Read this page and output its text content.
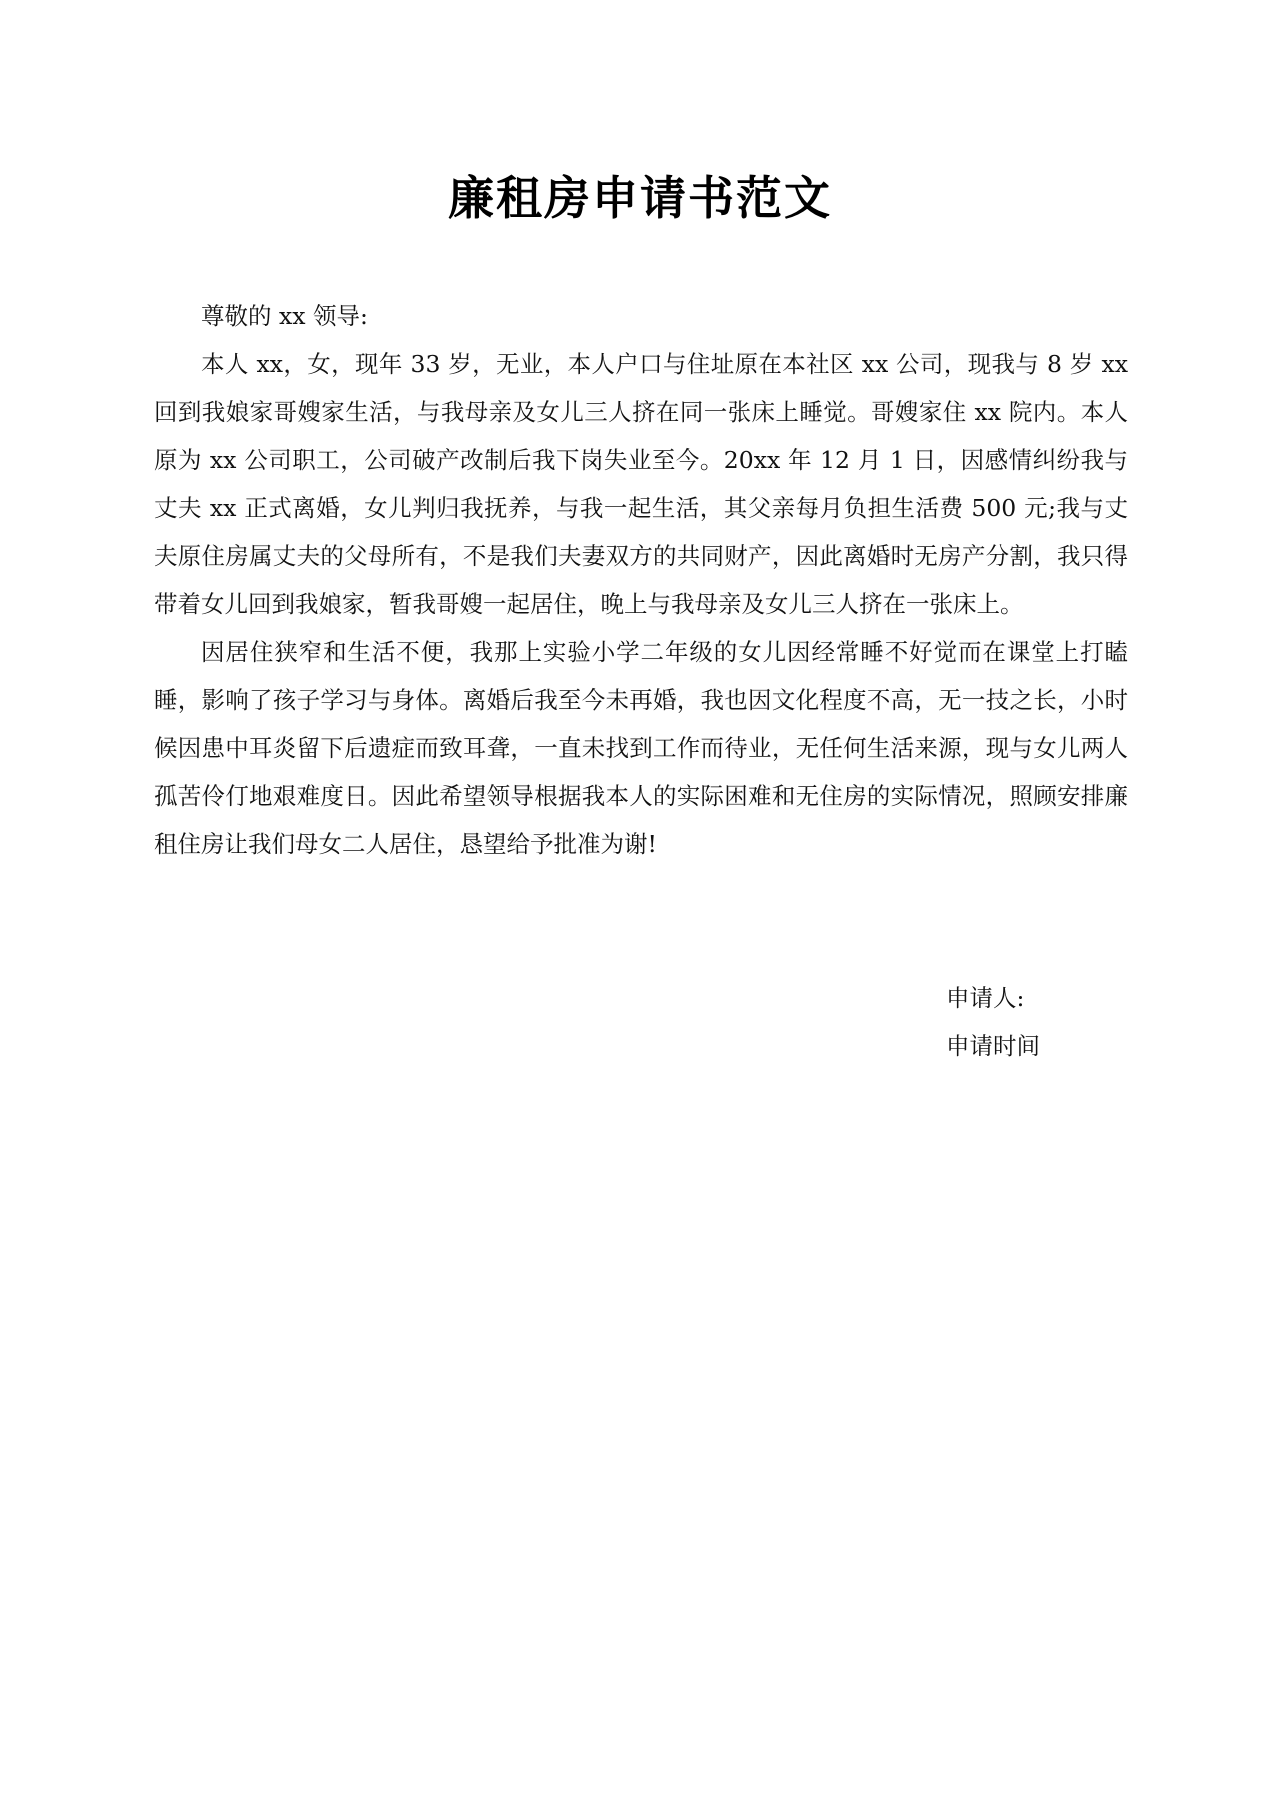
廉租房申请书范文

尊敬的 xx 领导:

本人 xx，女，现年 33 岁，无业，本人户口与住址原在本社区 xx 公司，现我与 8 岁 xx 回到我娘家哥嫂家生活，与我母亲及女儿三人挤在同一张床上睡觉。哥嫂家住 xx 院内。本人原为 xx 公司职工，公司破产改制后我下岗失业至今。20xx 年 12 月 1 日，因感情纠纷我与丈夫 xx 正式离婚，女儿判归我抚养，与我一起生活，其父亲每月负担生活费 500 元;我与丈夫原住房属丈夫的父母所有，不是我们夫妻双方的共同财产，因此离婚时无房产分割，我只得带着女儿回到我娘家，暂我哥嫂一起居住，晚上与我母亲及女儿三人挤在一张床上。

因居住狭窄和生活不便，我那上实验小学二年级的女儿因经常睡不好觉而在课堂上打瞌睡，影响了孩子学习与身体。离婚后我至今未再婚，我也因文化程度不高，无一技之长，小时候因患中耳炎留下后遗症而致耳聋，一直未找到工作而待业，无任何生活来源，现与女儿两人孤苦伶仃地艰难度日。因此希望领导根据我本人的实际困难和无住房的实际情况，照顾安排廉租住房让我们母女二人居住，恳望给予批准为谢!

申请人:
申请时间
